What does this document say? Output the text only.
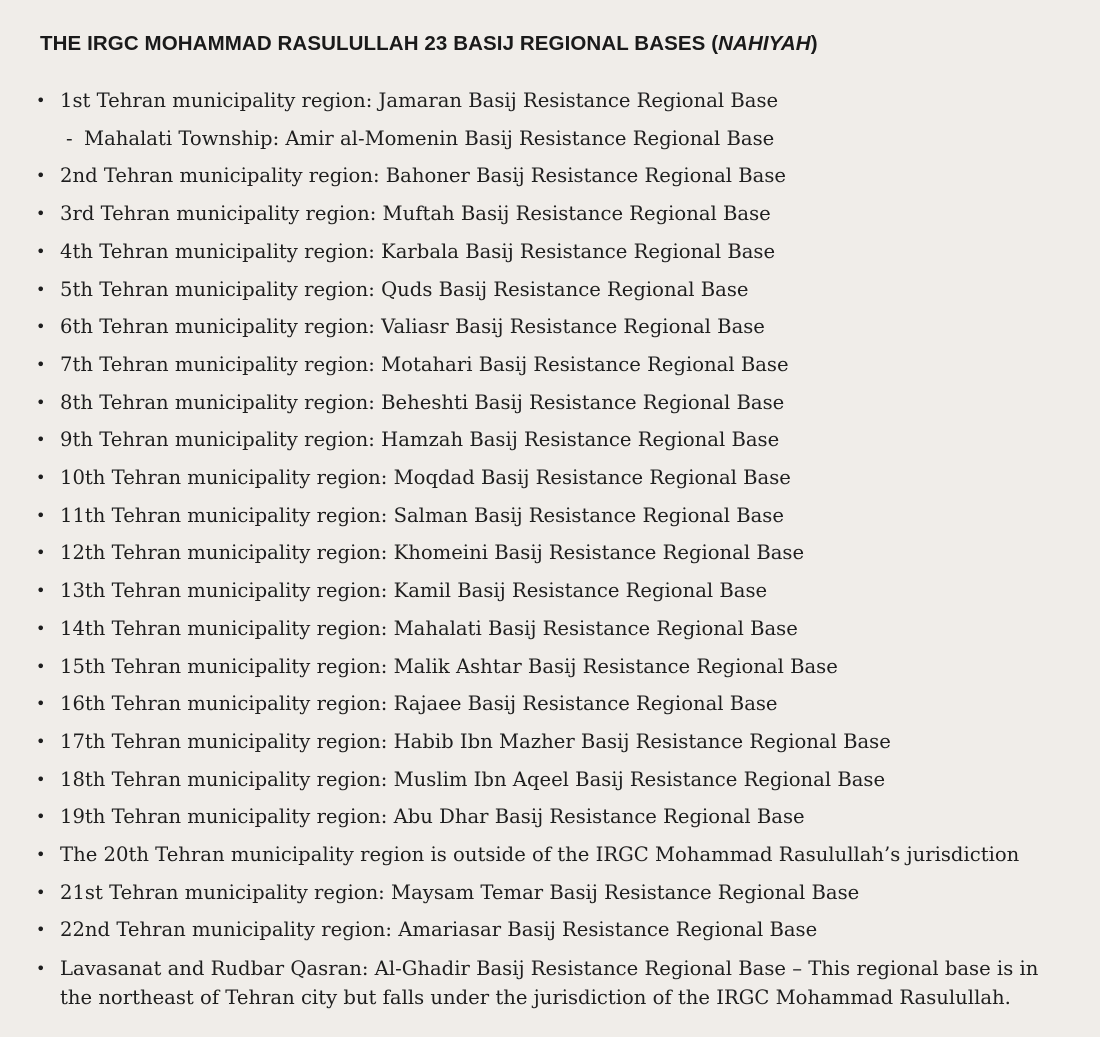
THE IRGC MOHAMMAD RASULULLAH 23 BASIJ REGIONAL BASES (NAHIYAH)
• 1st Tehran municipality region: Jamaran Basij Resistance Regional Base
- Mahalati Township: Amir al-Momenin Basij Resistance Regional Base
• 2nd Tehran municipality region: Bahoner Basij Resistance Regional Base
• 3rd Tehran municipality region: Muftah Basij Resistance Regional Base
• 4th Tehran municipality region: Karbala Basij Resistance Regional Base
• 5th Tehran municipality region: Quds Basij Resistance Regional Base
• 6th Tehran municipality region: Valiasr Basij Resistance Regional Base
• 7th Tehran municipality region: Motahari Basij Resistance Regional Base
• 8th Tehran municipality region: Beheshti Basij Resistance Regional Base
• 9th Tehran municipality region: Hamzah Basij Resistance Regional Base
• 10th Tehran municipality region: Moqdad Basij Resistance Regional Base
• 11th Tehran municipality region: Salman Basij Resistance Regional Base
• 12th Tehran municipality region: Khomeini Basij Resistance Regional Base
• 13th Tehran municipality region: Kamil Basij Resistance Regional Base
• 14th Tehran municipality region: Mahalati Basij Resistance Regional Base
• 15th Tehran municipality region: Malik Ashtar Basij Resistance Regional Base
• 16th Tehran municipality region: Rajaee Basij Resistance Regional Base
• 17th Tehran municipality region: Habib Ibn Mazher Basij Resistance Regional Base
• 18th Tehran municipality region: Muslim Ibn Aqeel Basij Resistance Regional Base
• 19th Tehran municipality region: Abu Dhar Basij Resistance Regional Base
• The 20th Tehran municipality region is outside of the IRGC Mohammad Rasulullah’s jurisdiction
• 21st Tehran municipality region: Maysam Temar Basij Resistance Regional Base
• 22nd Tehran municipality region: Amariasar Basij Resistance Regional Base
• Lavasanat and Rudbar Qasran: Al-Ghadir Basij Resistance Regional Base – This regional base is in the northeast of Tehran city but falls under the jurisdiction of the IRGC Mohammad Rasulullah.
